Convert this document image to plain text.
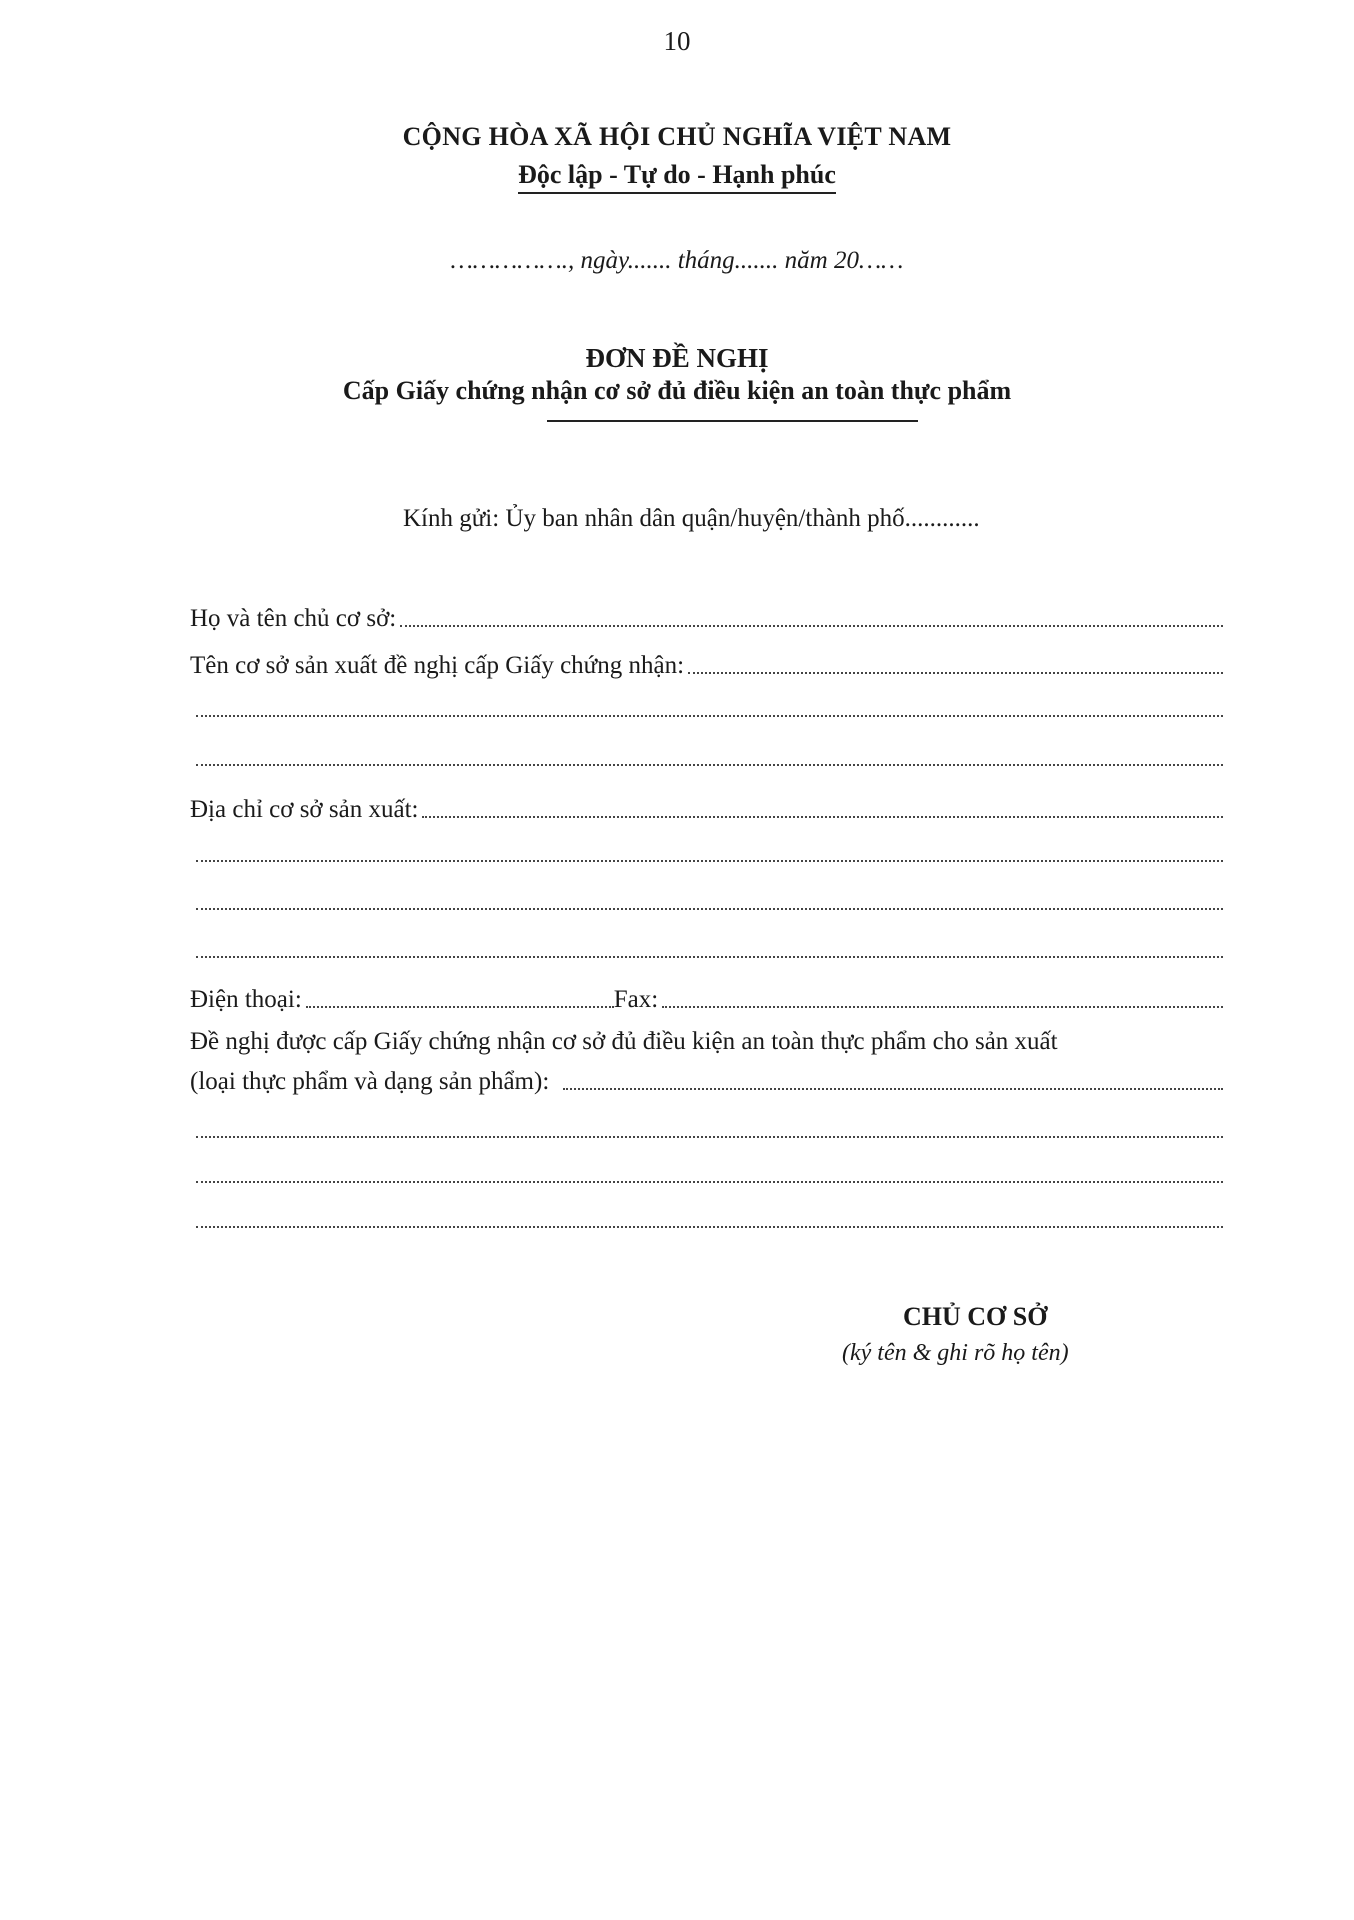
10
CỘNG HÒA XÃ HỘI CHỦ NGHĨA VIỆT NAM
Độc lập - Tự do - Hạnh phúc
……………., ngày....... tháng....... năm 20……
ĐƠN ĐỀ NGHỊ
Cấp Giấy chứng nhận cơ sở đủ điều kiện an toàn thực phẩm
Kính gửi: Ủy ban nhân dân quận/huyện/thành phố............
Họ và tên chủ cơ sở:
Tên cơ sở sản xuất đề nghị cấp Giấy chứng nhận:
Địa chỉ cơ sở sản xuất:
Điện thoại:	Fax:
Đề nghị được cấp Giấy chứng nhận cơ sở đủ điều kiện an toàn thực phẩm cho sản xuất
(loại thực phẩm và dạng sản phẩm):
CHỦ CƠ SỞ
(ký tên & ghi rõ họ tên)
